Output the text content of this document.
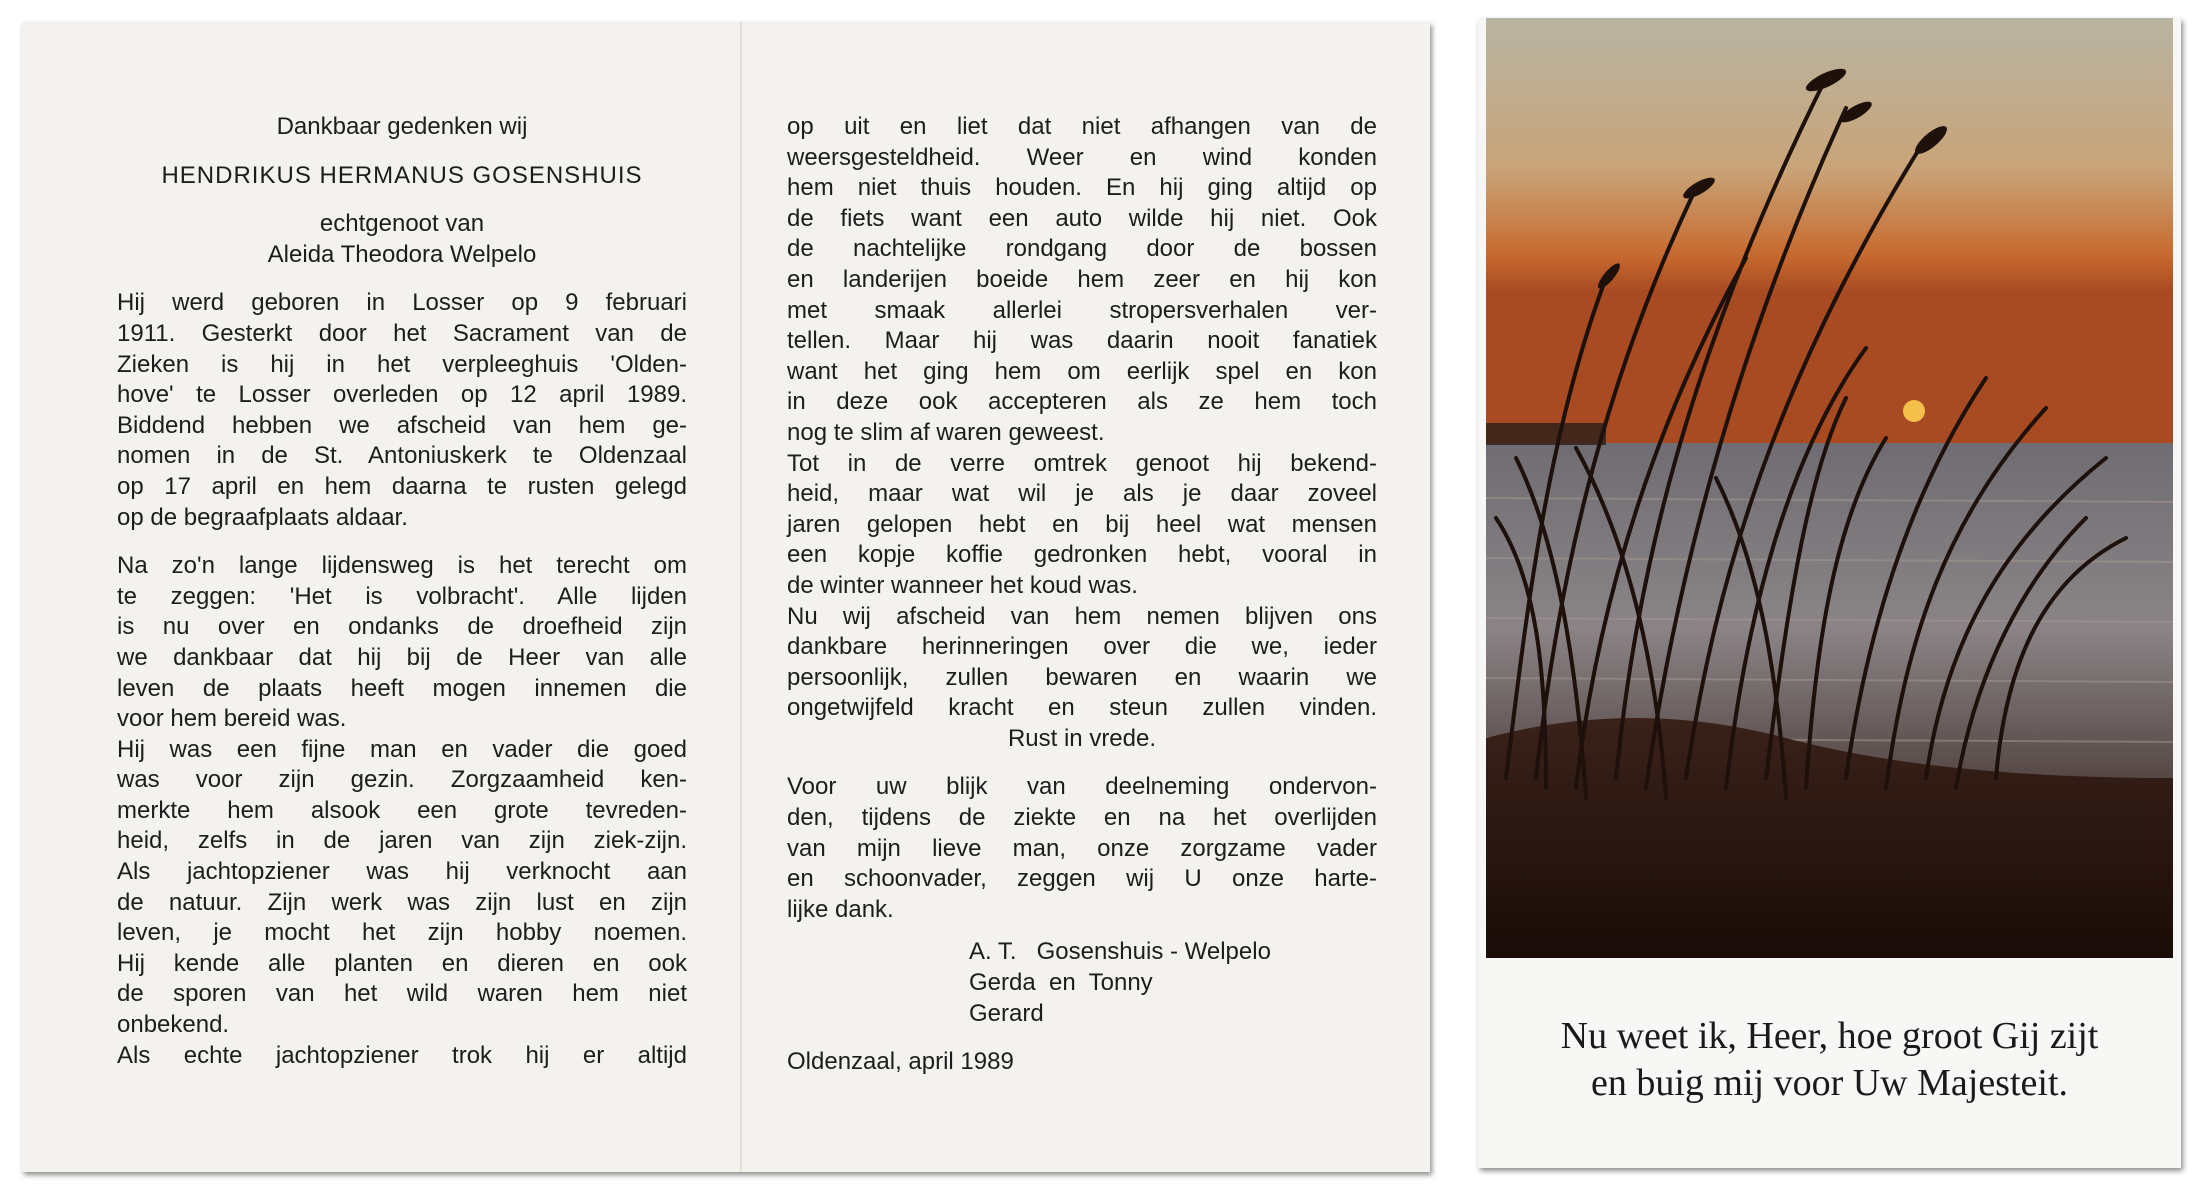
Dankbaar gedenken wij
HENDRIKUS HERMANUS GOSENSHUIS
echtgenoot van
Aleida Theodora Welpelo
Hij werd geboren in Losser op 9 februari
1911. Gesterkt door het Sacrament van de
Zieken is hij in het verpleeghuis 'Olden-
hove' te Losser overleden op 12 april 1989.
Biddend hebben we afscheid van hem ge-
nomen in de St. Antoniuskerk te Oldenzaal
op 17 april en hem daarna te rusten gelegd
op de begraafplaats aldaar.
Na zo'n lange lijdensweg is het terecht om
te zeggen: 'Het is volbracht'. Alle lijden
is nu over en ondanks de droefheid zijn
we dankbaar dat hij bij de Heer van alle
leven de plaats heeft mogen innemen die
voor hem bereid was.
Hij was een fijne man en vader die goed
was voor zijn gezin. Zorgzaamheid ken-
merkte hem alsook een grote tevreden-
heid, zelfs in de jaren van zijn ziek-zijn.
Als jachtopziener was hij verknocht aan
de natuur. Zijn werk was zijn lust en zijn
leven, je mocht het zijn hobby noemen.
Hij kende alle planten en dieren en ook
de sporen van het wild waren hem niet
onbekend.
Als echte jachtopziener trok hij er altijd
op uit en liet dat niet afhangen van de
weersgesteldheid. Weer en wind konden
hem niet thuis houden. En hij ging altijd op
de fiets want een auto wilde hij niet. Ook
de nachtelijke rondgang door de bossen
en landerijen boeide hem zeer en hij kon
met smaak allerlei stropersverhalen ver-
tellen. Maar hij was daarin nooit fanatiek
want het ging hem om eerlijk spel en kon
in deze ook accepteren als ze hem toch
nog te slim af waren geweest.
Tot in de verre omtrek genoot hij bekend-
heid, maar wat wil je als je daar zoveel
jaren gelopen hebt en bij heel wat mensen
een kopje koffie gedronken hebt, vooral in
de winter wanneer het koud was.
Nu wij afscheid van hem nemen blijven ons
dankbare herinneringen over die we, ieder
persoonlijk, zullen bewaren en waarin we
ongetwijfeld kracht en steun zullen vinden.
Rust in vrede.
Voor uw blijk van deelneming ondervon-
den, tijdens de ziekte en na het overlijden
van mijn lieve man, onze zorgzame vader
en schoonvader, zeggen wij U onze harte-
lijke dank.
A. T.   Gosenshuis - Welpelo
Gerda  en  Tonny
Gerard
Oldenzaal, april 1989
Nu weet ik, Heer, hoe groot Gij zijt
en buig mij voor Uw Majesteit.
